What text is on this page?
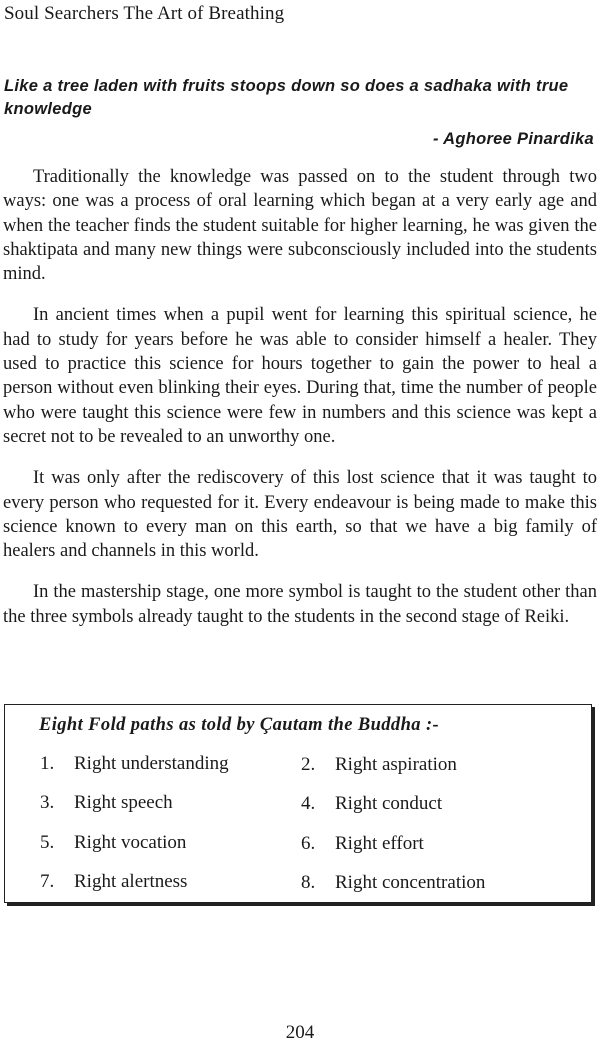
Soul Searchers The Art of Breathing
Like a tree laden with fruits stoops down so does a sadhaka with true knowledge
- Aghoree Pinardika

Traditionally the knowledge was passed on to the student through two ways: one was a process of oral learning which began at a very early age and when the teacher finds the student suitable for higher learning, he was given the shaktipata and many new things were subconsciously included into the students mind.

In ancient times when a pupil went for learning this spiritual science, he had to study for years before he was able to consider himself a healer. They used to practice this science for hours together to gain the power to heal a person without even blinking their eyes. During that, time the number of people who were taught this science were few in numbers and this science was kept a secret not to be revealed to an unworthy one.

It was only after the rediscovery of this lost science that it was taught to every person who requested for it. Every endeavour is being made to make this science known to every man on this earth, so that we have a big family of healers and channels in this world.

In the mastership stage, one more symbol is taught to the student other than the three symbols already taught to the students in the second stage of Reiki.

Eight Fold paths as told by Çautam the Buddha :-
1. Right understanding	2. Right aspiration
3. Right speech	4. Right conduct
5. Right vocation	6. Right effort
7. Right alertness	8. Right concentration
204
